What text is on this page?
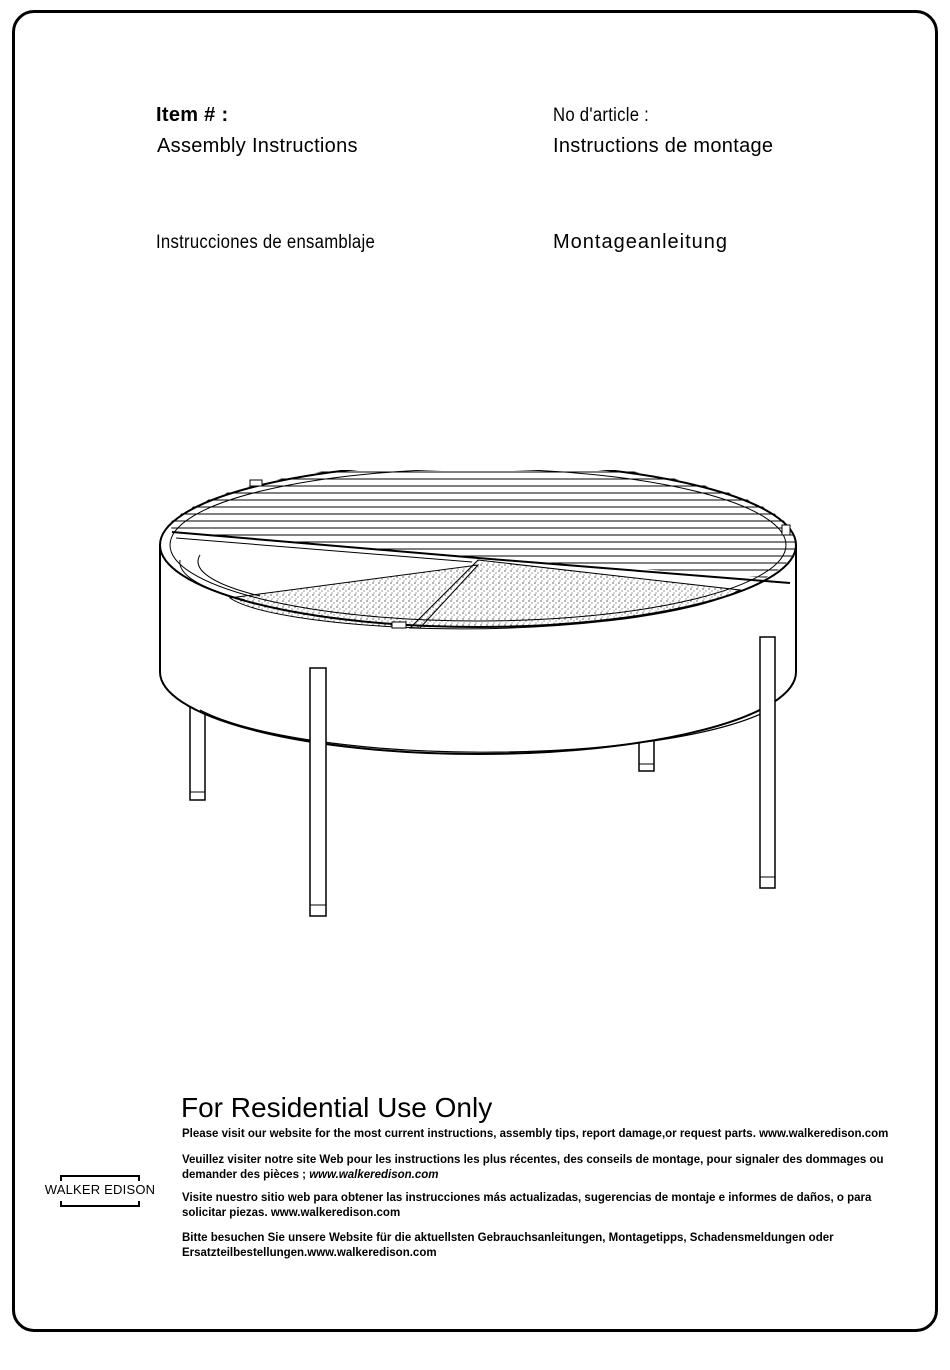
Item # :
Assembly Instructions
No d'article :
Instructions de montage
Instrucciones de ensamblaje	Montageanleitung
For Residential Use Only
Please visit our website for the most current instructions, assembly tips, report damage,or request parts. www.walkeredison.com
Veuillez visiter notre site Web pour les instructions les plus récentes, des conseils de montage, pour signaler des dommages ou demander des pièces ; www.walkeredison.com
Visite nuestro sitio web para obtener las instrucciones más actualizadas, sugerencias de montaje e informes de daños, o para solicitar piezas. www.walkeredison.com
Bitte besuchen Sie unsere Website für die aktuellsten Gebrauchsanleitungen, Montagetipps, Schadensmeldungen oder Ersatzteilbestellungen.www.walkeredison.com
WALKER EDISON
